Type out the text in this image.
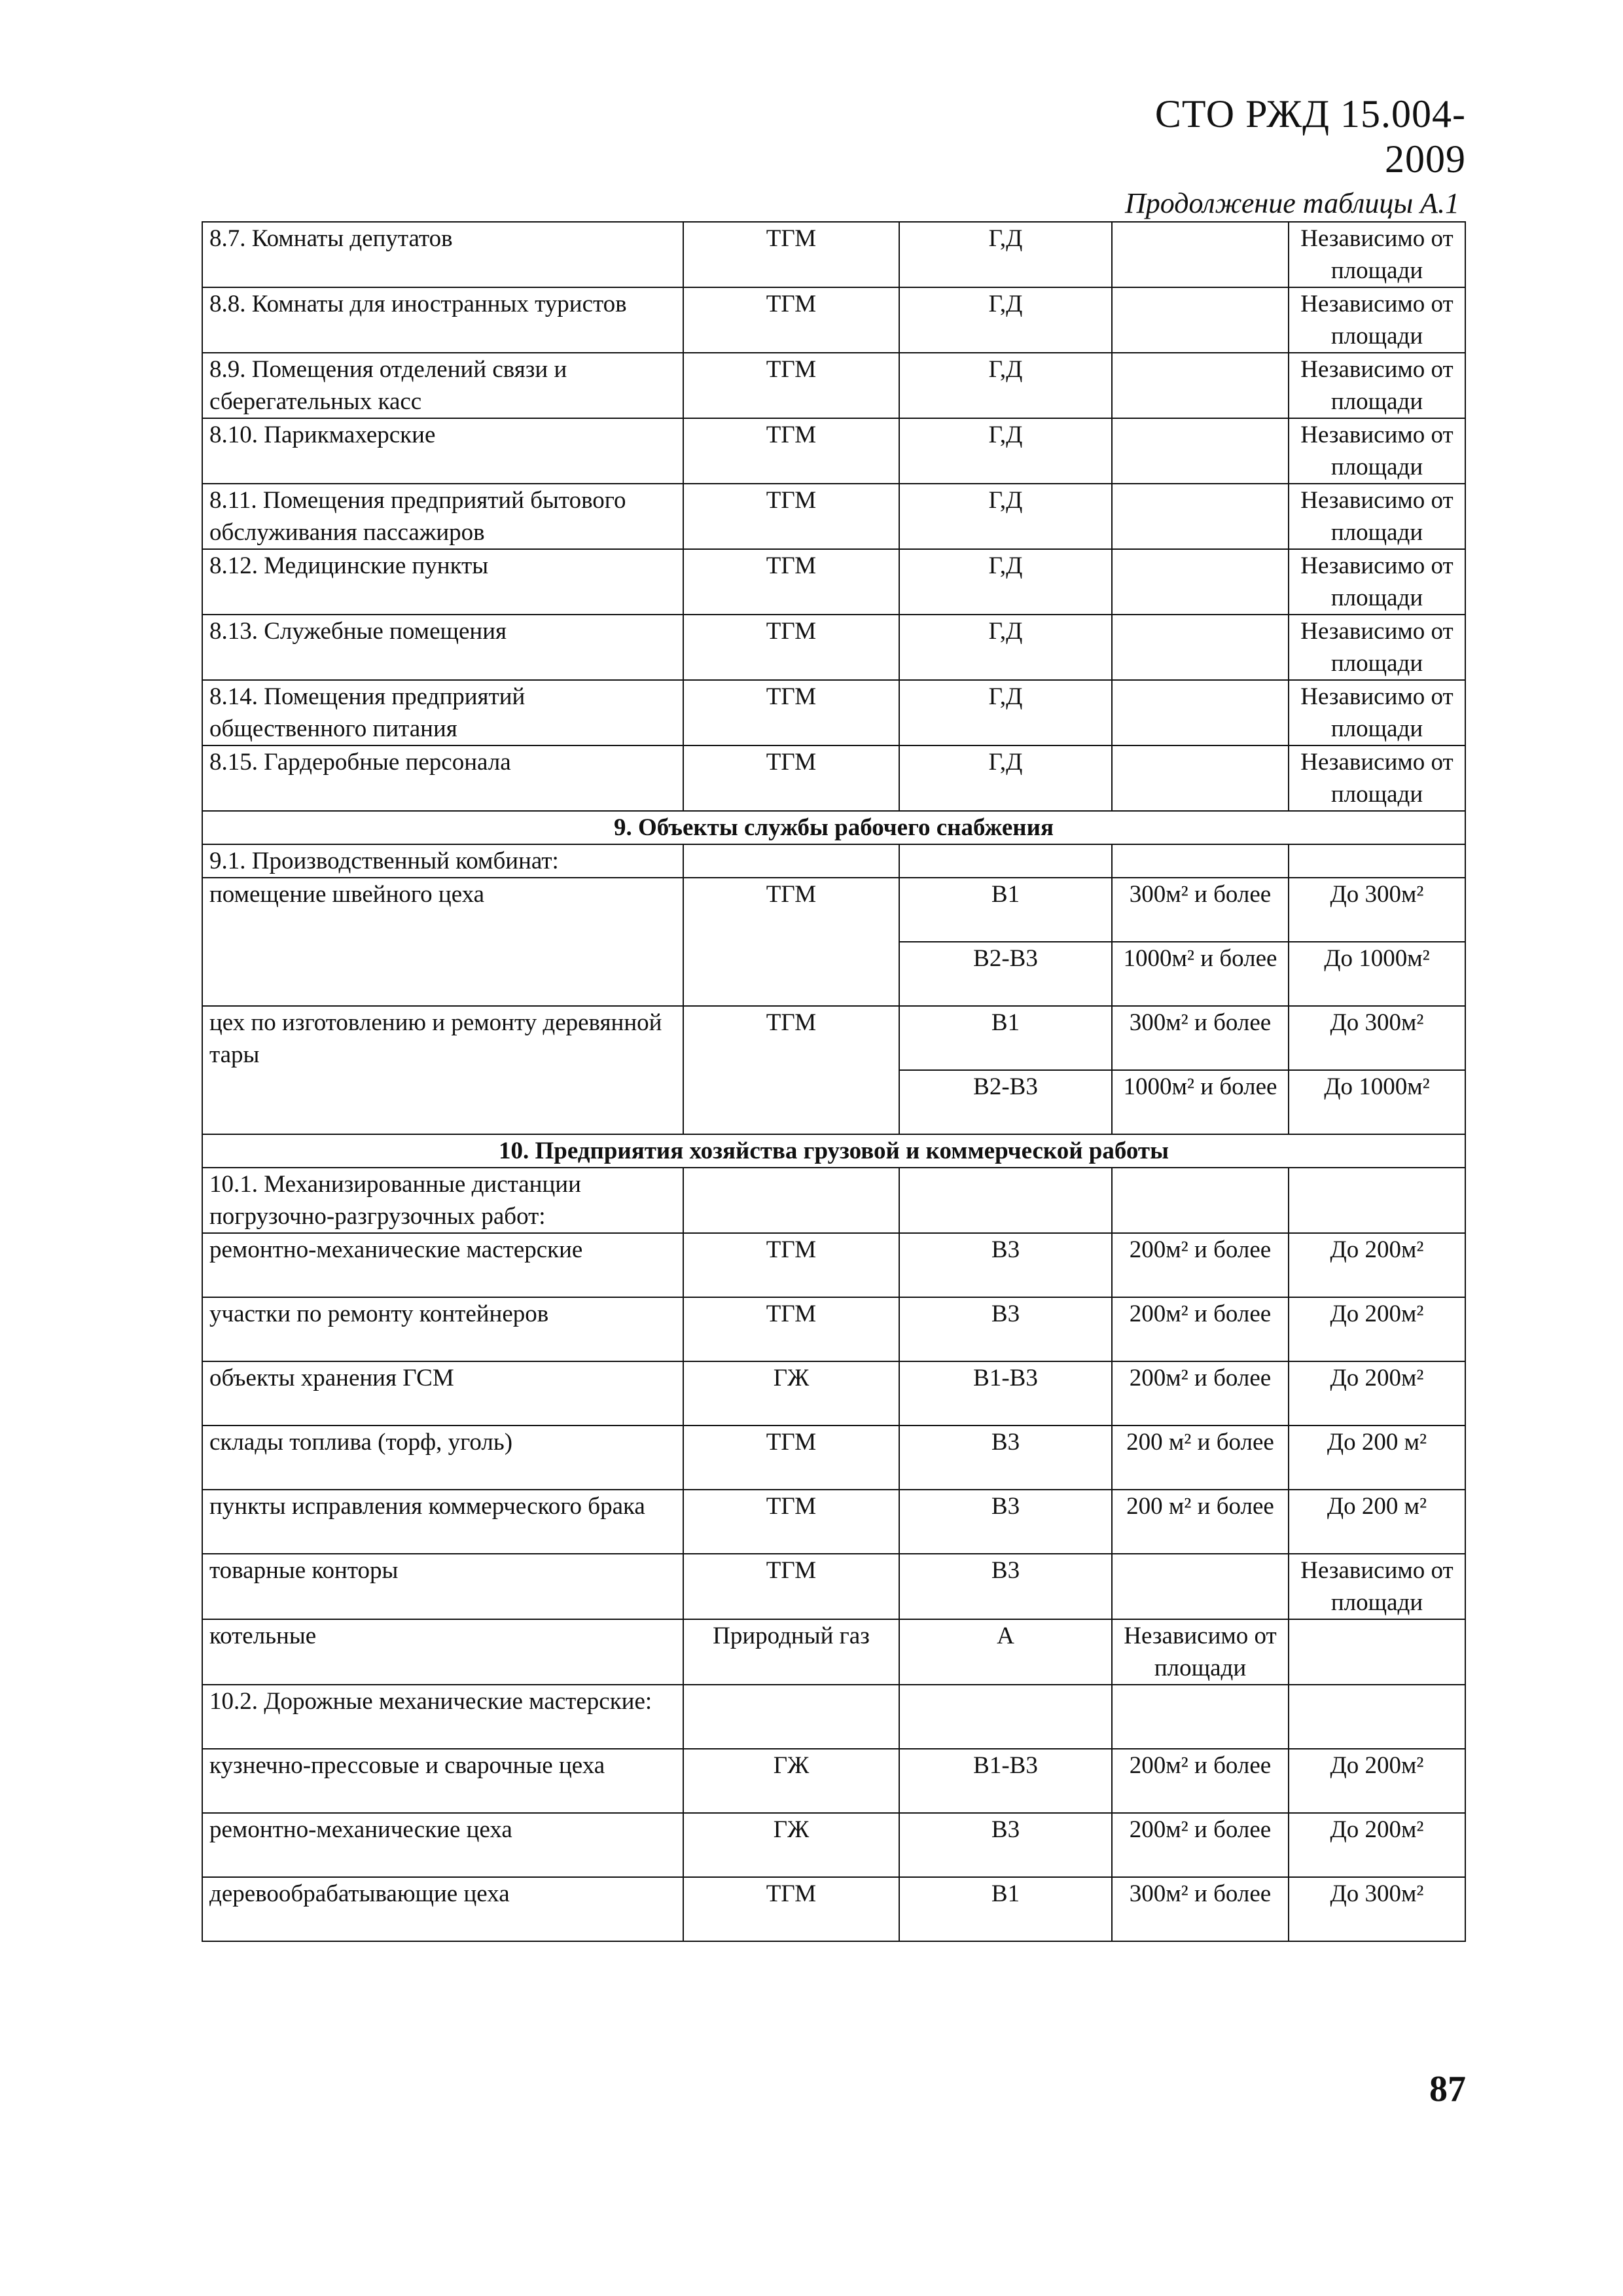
СТО РЖД 15.004-2009
Продолжение таблицы А.1
8.7. Комнаты депутатов	ТГМ	Г,Д		Независимо от площади
8.8. Комнаты для иностранных туристов	ТГМ	Г,Д		Независимо от площади
8.9. Помещения отделений связи и сберегательных касс	ТГМ	Г,Д		Независимо от площади
8.10. Парикмахерские	ТГМ	Г,Д		Независимо от площади
8.11. Помещения предприятий бытового обслуживания пассажиров	ТГМ	Г,Д		Независимо от площади
8.12. Медицинские пункты	ТГМ	Г,Д		Независимо от площади
8.13. Служебные помещения	ТГМ	Г,Д		Независимо от площади
8.14. Помещения предприятий общественного питания	ТГМ	Г,Д		Независимо от площади
8.15. Гардеробные персонала	ТГМ	Г,Д		Независимо от площади
9. Объекты службы рабочего снабжения				
9.1. Производственный комбинат:				
помещение швейного цеха	ТГМ	В1	300м² и более	До 300м²
		В2-В3	1000м² и более	До 1000м²
цех по изготовлению и ремонту деревянной тары	ТГМ	В1	300м² и более	До 300м²
		В2-В3	1000м² и более	До 1000м²
10. Предприятия хозяйства грузовой и коммерческой работы				
10.1. Механизированные дистанции погрузочно-разгрузочных работ:				
ремонтно-механические мастерские	ТГМ	В3	200м² и более	До 200м²
участки по ремонту контейнеров	ТГМ	В3	200м² и более	До 200м²
объекты хранения ГСМ	ГЖ	В1-В3	200м² и более	До 200м²
склады топлива (торф, уголь)	ТГМ	В3	200 м² и более	До 200 м²
пункты исправления коммерческого брака	ТГМ	В3	200 м² и более	До 200 м²
товарные конторы	ТГМ	В3		Независимо от площади
котельные	Природный газ	А	Независимо от площади	
10.2. Дорожные механические мастерские:				
кузнечно-прессовые и сварочные цеха	ГЖ	В1-В3	200м² и более	До 200м²
ремонтно-механические цеха	ГЖ	В3	200м² и более	До 200м²
деревообрабатывающие цеха	ТГМ	В1	300м² и более	До 300м²
87
